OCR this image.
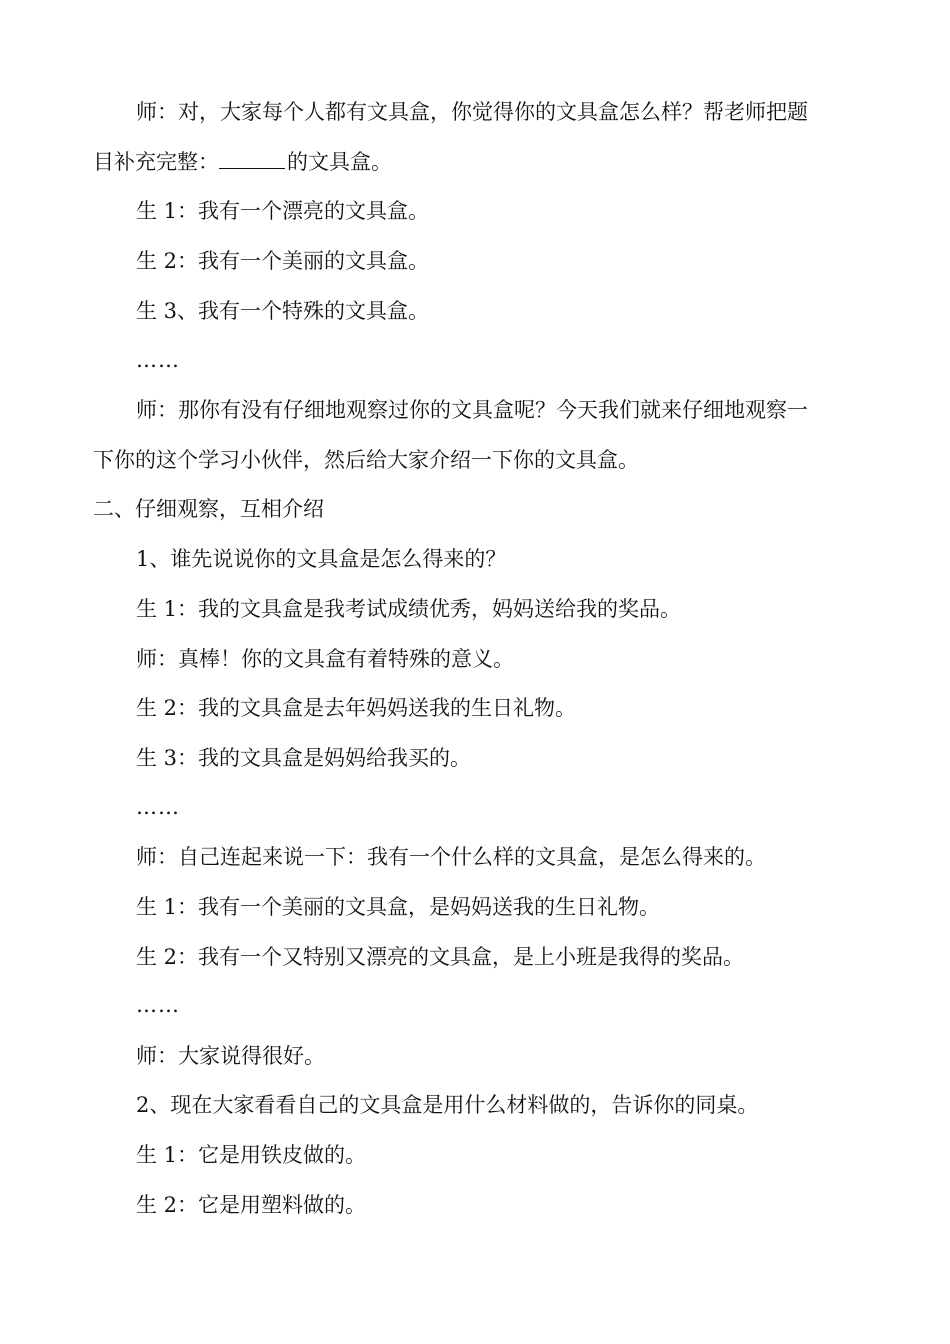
师：对，大家每个人都有文具盒，你觉得你的文具盒怎么样？帮老师把题
目补充完整：	的文具盒。
生 1：我有一个漂亮的文具盒。
生 2：我有一个美丽的文具盒。
生 3、我有一个特殊的文具盒。
……
师：那你有没有仔细地观察过你的文具盒呢？今天我们就来仔细地观察一
下你的这个学习小伙伴，然后给大家介绍一下你的文具盒。
二、仔细观察，互相介绍
1、谁先说说你的文具盒是怎么得来的？
生 1：我的文具盒是我考试成绩优秀，妈妈送给我的奖品。
师：真棒！你的文具盒有着特殊的意义。
生 2：我的文具盒是去年妈妈送我的生日礼物。
生 3：我的文具盒是妈妈给我买的。
……
师：自己连起来说一下：我有一个什么样的文具盒，是怎么得来的。
生 1：我有一个美丽的文具盒，是妈妈送我的生日礼物。
生 2：我有一个又特别又漂亮的文具盒，是上小班是我得的奖品。
……
师：大家说得很好。
2、现在大家看看自己的文具盒是用什么材料做的，告诉你的同桌。
生 1：它是用铁皮做的。
生 2：它是用塑料做的。
